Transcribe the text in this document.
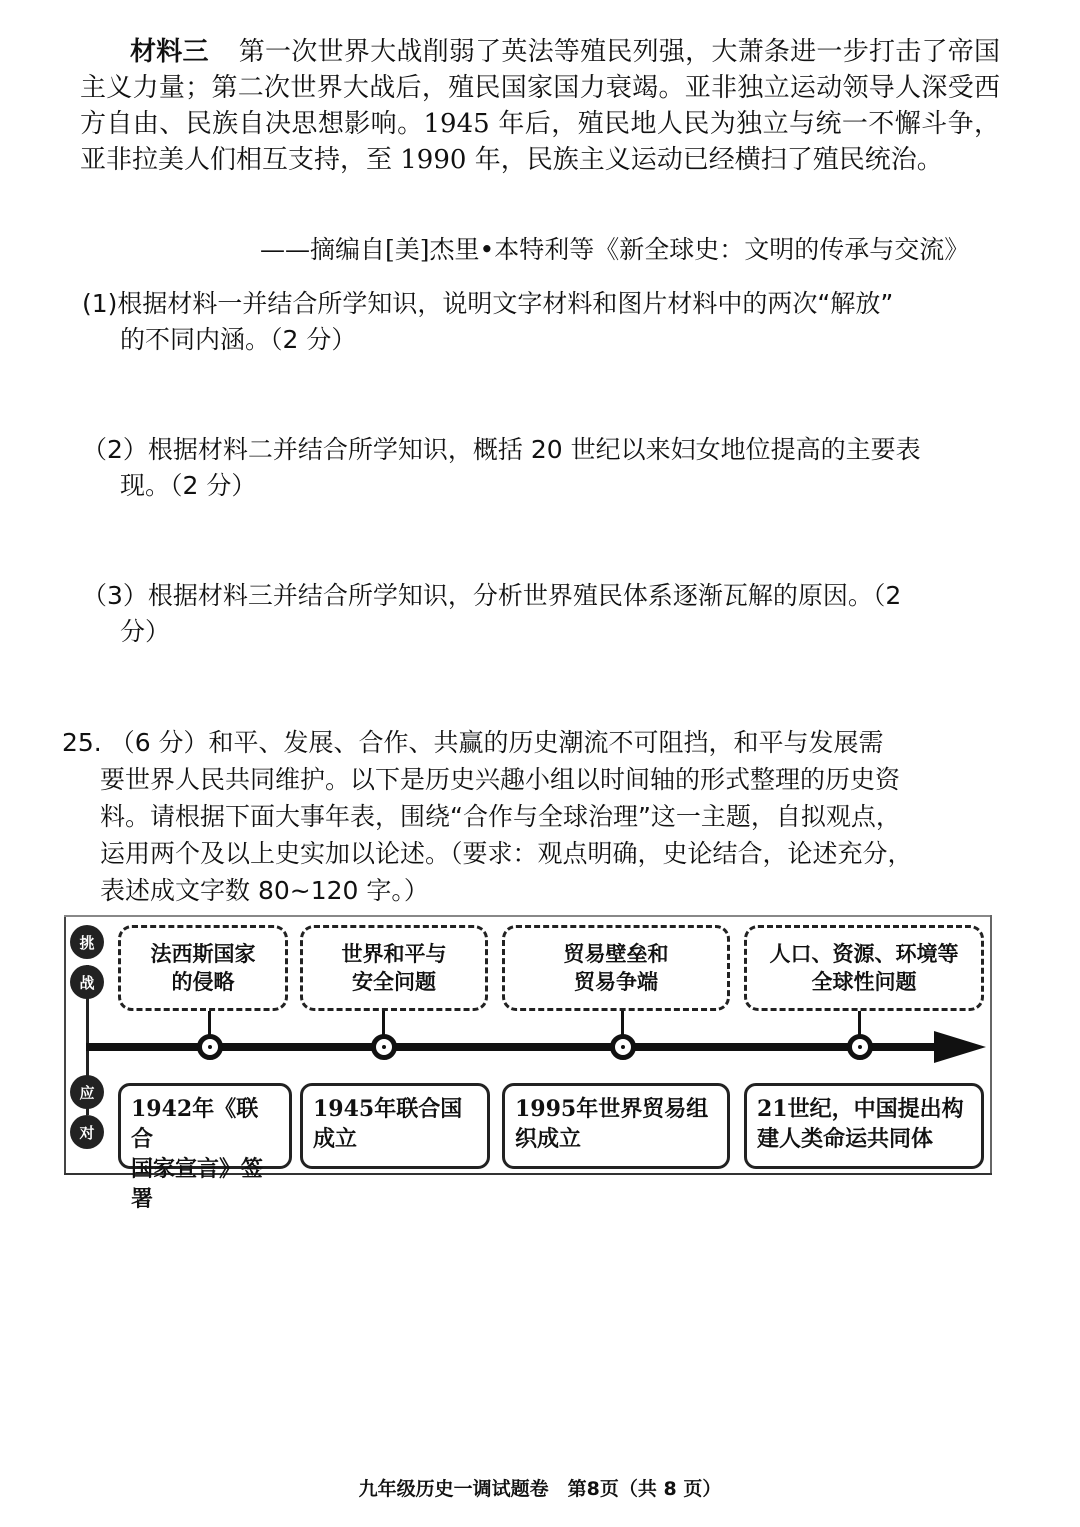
材料三 第一次世界大战削弱了英法等殖民列强，大萧条进一步打击了帝国主义力量；第二次世界大战后，殖民国家国力衰竭。亚非独立运动领导人深受西方自由、民族自决思想影响。1945 年后，殖民地人民为独立与统一不懈斗争，亚非拉美人们相互支持，至 1990 年，民族主义运动已经横扫了殖民统治。
——摘编自[美]杰里•本特利等《新全球史：文明的传承与交流》
(1)根据材料一并结合所学知识，说明文字材料和图片材料中的两次“解放”
的不同内涵。（2 分）
（2）根据材料二并结合所学知识，概括 20 世纪以来妇女地位提高的主要表
现。（2 分）
（3）根据材料三并结合所学知识，分析世界殖民体系逐渐瓦解的原因。（2
分）
25. （6 分）和平、发展、合作、共赢的历史潮流不可阻挡，和平与发展需
要世界人民共同维护。以下是历史兴趣小组以时间轴的形式整理的历史资
料。请根据下面大事年表，围绕“合作与全球治理”这一主题，自拟观点，
运用两个及以上史实加以论述。（要求：观点明确，史论结合，论述充分，
表述成文字数 80~120 字。）
挑
战
应
对
法西斯国家
的侵略
世界和平与
安全问题
贸易壁垒和
贸易争端
人口、资源、环境等
全球性问题
1942年《联合
国家宣言》签署
1945年联合国
成立
1995年世界贸易组
织成立
21世纪，中国提出构
建人类命运共同体
九年级历史一调试题卷　第8页（共 8 页）
